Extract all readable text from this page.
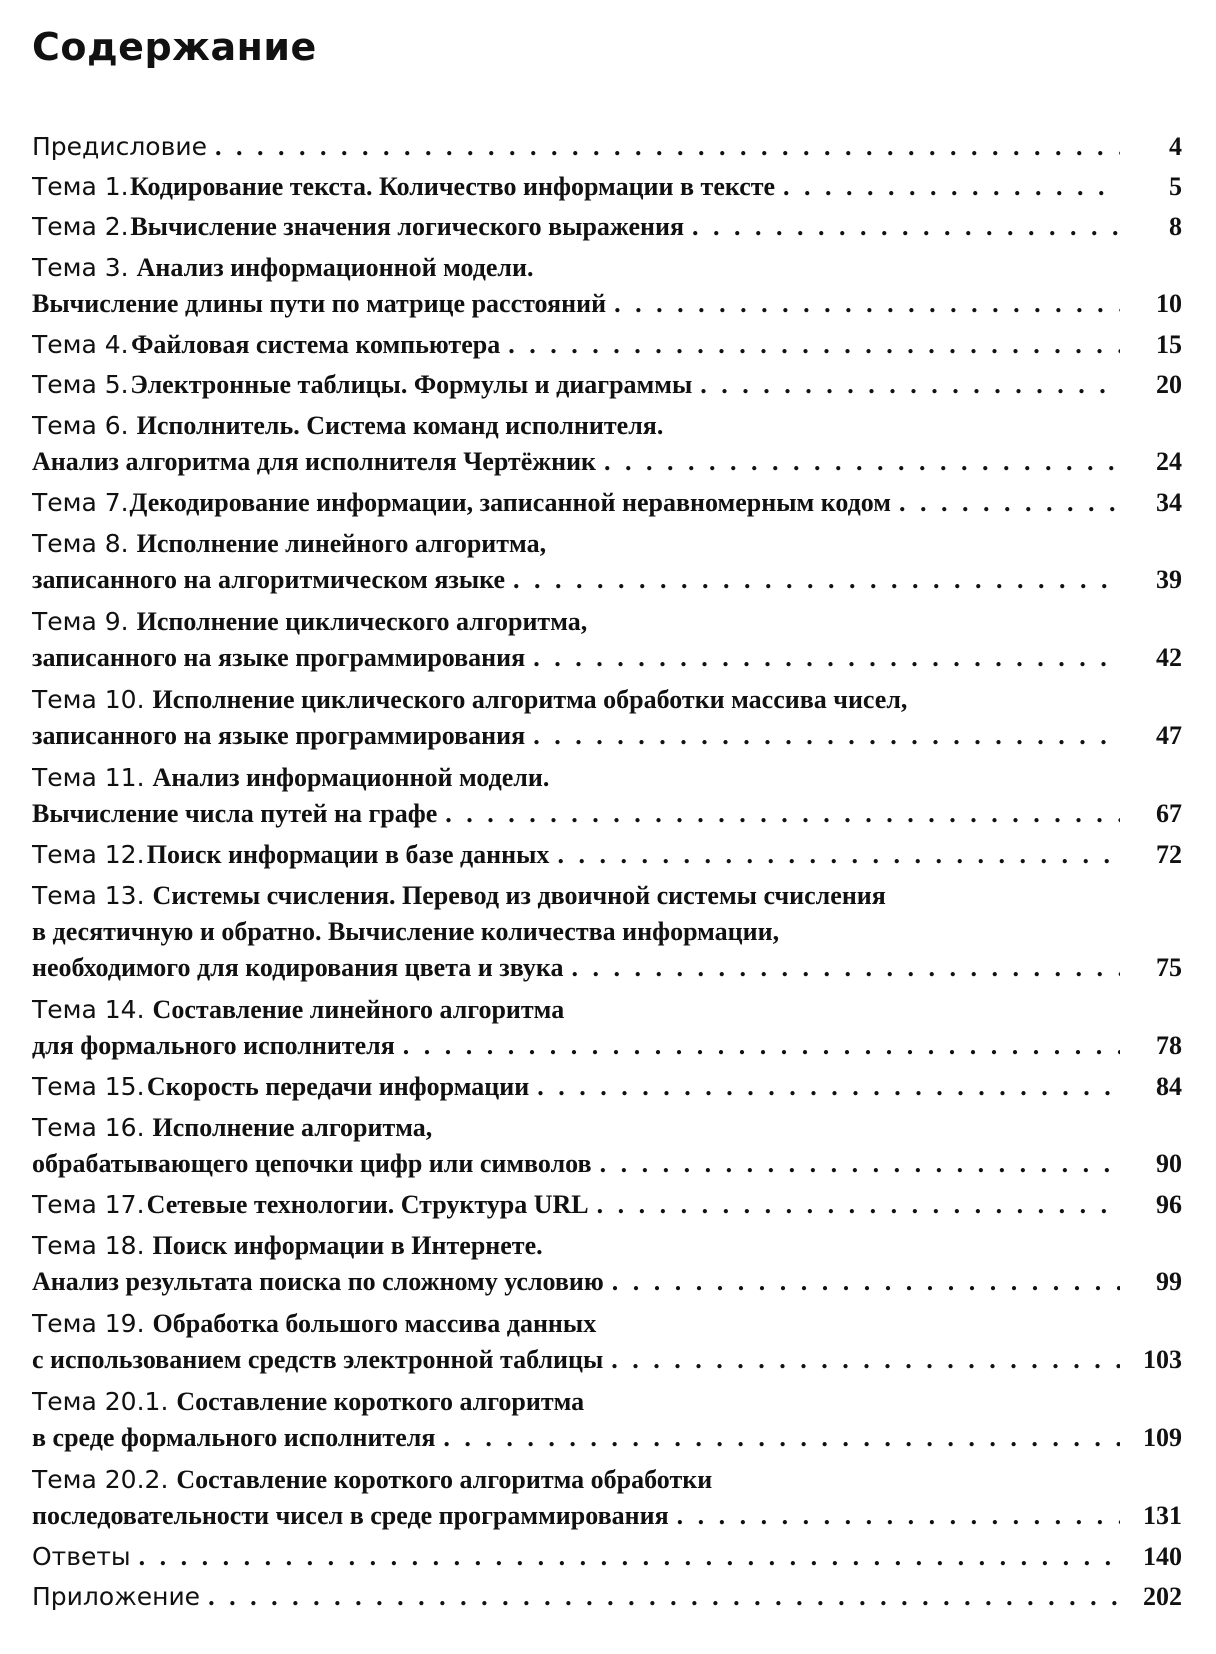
Содержание
Предисловие . . .	4
Тема 1. Кодирование текста. Количество информации в тексте . . .	5
Тема 2. Вычисление значения логического выражения . . .	8
Тема 3. Анализ информационной модели.
Вычисление длины пути по матрице расстояний . . .	10
Тема 4. Файловая система компьютера . . .	15
Тема 5. Электронные таблицы. Формулы и диаграммы . . .	20
Тема 6. Исполнитель. Система команд исполнителя.
Анализ алгоритма для исполнителя Чертёжник . . .	24
Тема 7. Декодирование информации, записанной неравномерным кодом . . .	34
Тема 8. Исполнение линейного алгоритма,
записанного на алгоритмическом языке . . .	39
Тема 9. Исполнение циклического алгоритма,
записанного на языке программирования . . .	42
Тема 10. Исполнение циклического алгоритма обработки массива чисел,
записанного на языке программирования . . .	47
Тема 11. Анализ информационной модели.
Вычисление числа путей на графе . . .	67
Тема 12. Поиск информации в базе данных . . .	72
Тема 13. Системы счисления. Перевод из двоичной системы счисления
в десятичную и обратно. Вычисление количества информации,
необходимого для кодирования цвета и звука . . .	75
Тема 14. Составление линейного алгоритма
для формального исполнителя . . .	78
Тема 15. Скорость передачи информации . . .	84
Тема 16. Исполнение алгоритма,
обрабатывающего цепочки цифр или символов . . .	90
Тема 17. Сетевые технологии. Структура URL . . .	96
Тема 18. Поиск информации в Интернете.
Анализ результата поиска по сложному условию . . .	99
Тема 19. Обработка большого массива данных
с использованием средств электронной таблицы . . .	103
Тема 20.1. Составление короткого алгоритма
в среде формального исполнителя . . .	109
Тема 20.2. Составление короткого алгоритма обработки
последовательности чисел в среде программирования . . .	131
Ответы . . .	140
Приложение . . .	202
